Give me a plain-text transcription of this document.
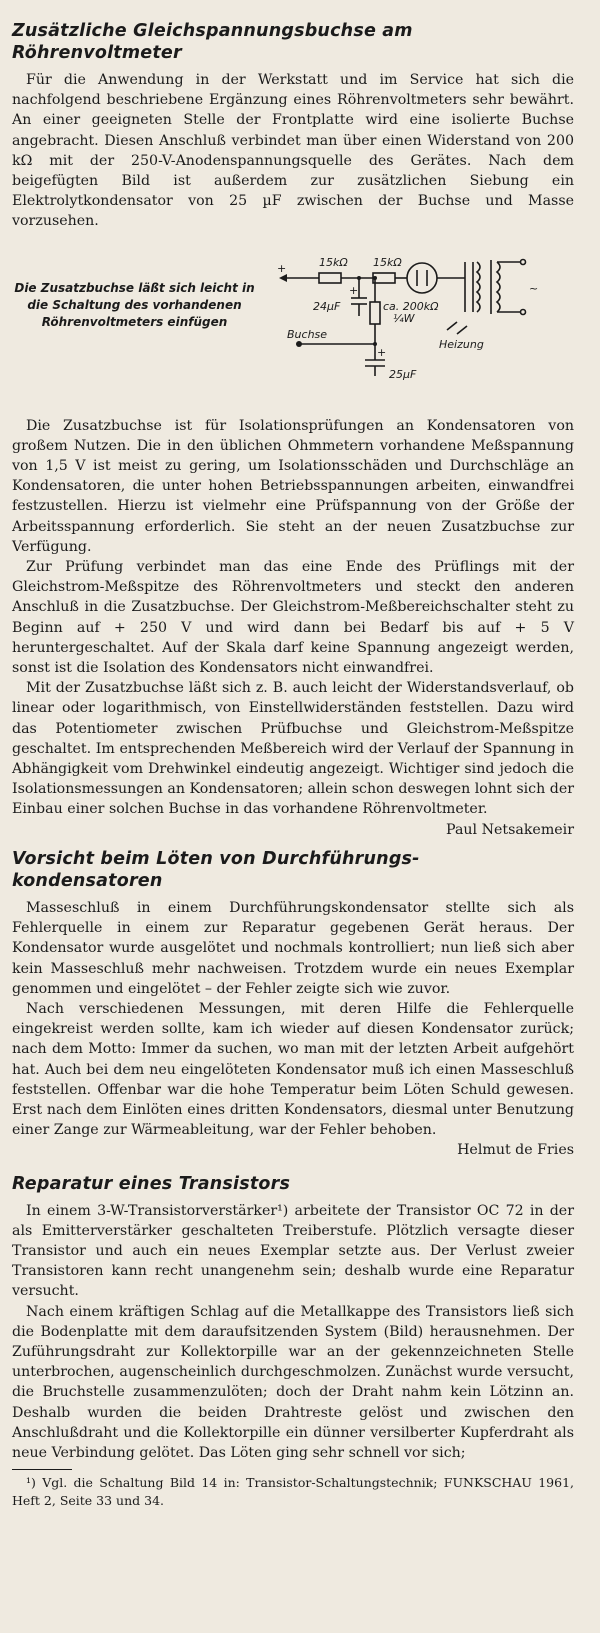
Zusätzliche Gleichspannungsbuchse am
Röhrenvoltmeter

Für die Anwendung in der Werkstatt und im Service hat sich die nachfolgend beschriebene Ergänzung eines Röhrenvoltmeters sehr bewährt. An einer geeigneten Stelle der Frontplatte wird eine isolierte Buchse angebracht. Diesen Anschluß verbindet man über einen Widerstand von 200 kΩ mit der 250-V-Anodenspannungsquelle des Gerätes. Nach dem beigefügten Bild ist außerdem zur zusätzlichen Siebung ein Elektrolytkondensator von 25 µF zwischen der Buchse und Masse vorzusehen.

Die Zusatzbuchse läßt sich leicht in die Schaltung des vorhandenen Röhrenvoltmeters einfügen
+	15kΩ 15kΩ
24µF
+
ca. 200kΩ
¼W
Buchse
25µF
+
Heizung
~

Die Zusatzbuchse ist für Isolationsprüfungen an Kondensatoren von großem Nutzen. Die in den üblichen Ohmmetern vorhandene Meßspannung von 1,5 V ist meist zu gering, um Isolationsschäden und Durchschläge an Kondensatoren, die unter hohen Betriebsspannungen arbeiten, einwandfrei festzustellen. Hierzu ist vielmehr eine Prüfspannung von der Größe der Arbeitsspannung erforderlich. Sie steht an der neuen Zusatzbuchse zur Verfügung.

Zur Prüfung verbindet man das eine Ende des Prüflings mit der Gleichstrom-Meßspitze des Röhrenvoltmeters und steckt den anderen Anschluß in die Zusatzbuchse. Der Gleichstrom-Meßbereichschalter steht zu Beginn auf + 250 V und wird dann bei Bedarf bis auf + 5 V heruntergeschaltet. Auf der Skala darf keine Spannung angezeigt werden, sonst ist die Isolation des Kondensators nicht einwandfrei.

Mit der Zusatzbuchse läßt sich z. B. auch leicht der Widerstandsverlauf, ob linear oder logarithmisch, von Einstellwiderständen feststellen. Dazu wird das Potentiometer zwischen Prüfbuchse und Gleichstrom-Meßspitze geschaltet. Im entsprechenden Meßbereich wird der Verlauf der Spannung in Abhängigkeit vom Drehwinkel eindeutig angezeigt. Wichtiger sind jedoch die Isolationsmessungen an Kondensatoren; allein schon deswegen lohnt sich der Einbau einer solchen Buchse in das vorhandene Röhrenvoltmeter.

Paul Netsakemeir
Vorsicht beim Löten von Durchführungs-
kondensatoren

Masseschluß in einem Durchführungskondensator stellte sich als Fehlerquelle in einem zur Reparatur gegebenen Gerät heraus. Der Kondensator wurde ausgelötet und nochmals kontrolliert; nun ließ sich aber kein Masseschluß mehr nachweisen. Trotzdem wurde ein neues Exemplar genommen und eingelötet – der Fehler zeigte sich wie zuvor.

Nach verschiedenen Messungen, mit deren Hilfe die Fehlerquelle eingekreist werden sollte, kam ich wieder auf diesen Kondensator zurück; nach dem Motto: Immer da suchen, wo man mit der letzten Arbeit aufgehört hat. Auch bei dem neu eingelöteten Kondensator muß ich einen Masseschluß feststellen. Offenbar war die hohe Temperatur beim Löten Schuld gewesen. Erst nach dem Einlöten eines dritten Kondensators, diesmal unter Benutzung einer Zange zur Wärmeableitung, war der Fehler behoben.

Helmut de Fries
Reparatur eines Transistors

In einem 3-W-Transistorverstärker¹) arbeitete der Transistor OC 72 in der als Emitterverstärker geschalteten Treiberstufe. Plötzlich versagte dieser Transistor und auch ein neues Exemplar setzte aus. Der Verlust zweier Transistoren kann recht unangenehm sein; deshalb wurde eine Reparatur versucht.

Nach einem kräftigen Schlag auf die Metallkappe des Transistors ließ sich die Bodenplatte mit dem daraufsitzenden System (Bild) herausnehmen. Der Zuführungsdraht zur Kollektorpille war an der gekennzeichneten Stelle unterbrochen, augenscheinlich durchgeschmolzen. Zunächst wurde versucht, die Bruchstelle zusammenzulöten; doch der Draht nahm kein Lötzinn an. Deshalb wurden die beiden Drahtreste gelöst und zwischen den Anschlußdraht und die Kollektorpille ein dünner versilberter Kupferdraht als neue Verbindung gelötet. Das Löten ging sehr schnell vor sich;

¹) Vgl. die Schaltung Bild 14 in: Transistor-Schaltungstechnik; FUNKSCHAU 1961, Heft 2, Seite 33 und 34.
